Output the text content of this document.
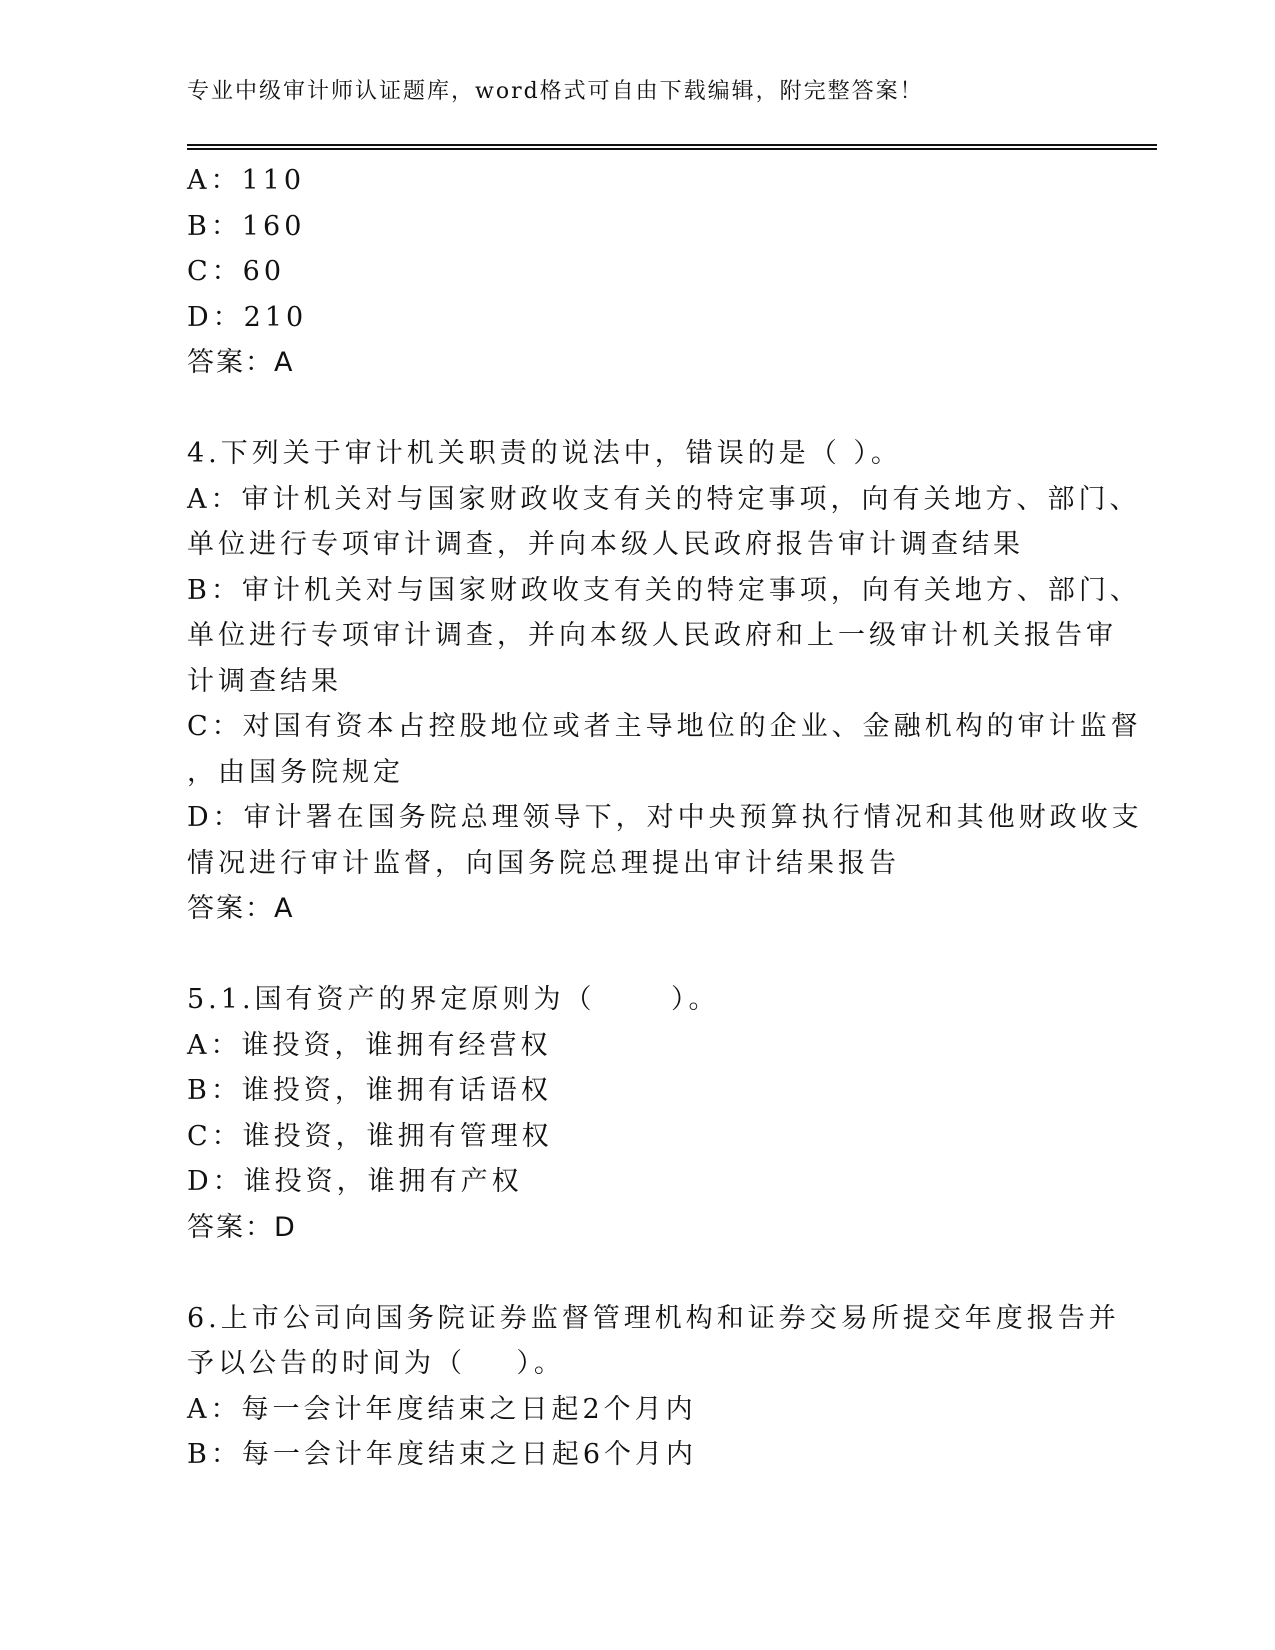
专业中级审计师认证题库，word格式可自由下载编辑，附完整答案！
A：110
B：160
C：60
D：210
答案：A
4.下列关于审计机关职责的说法中，错误的是（ ）。
A：审计机关对与国家财政收支有关的特定事项，向有关地方、部门、
单位进行专项审计调查，并向本级人民政府报告审计调查结果
B：审计机关对与国家财政收支有关的特定事项，向有关地方、部门、
单位进行专项审计调查，并向本级人民政府和上一级审计机关报告审
计调查结果
C：对国有资本占控股地位或者主导地位的企业、金融机构的审计监督
，由国务院规定
D：审计署在国务院总理领导下，对中央预算执行情况和其他财政收支
情况进行审计监督，向国务院总理提出审计结果报告
答案：A
5.1.国有资产的界定原则为（      ）。
A：谁投资，谁拥有经营权
B：谁投资，谁拥有话语权
C：谁投资，谁拥有管理权
D：谁投资，谁拥有产权
答案：D
6.上市公司向国务院证券监督管理机构和证券交易所提交年度报告并
予以公告的时间为（    ）。
A：每一会计年度结束之日起2个月内
B：每一会计年度结束之日起6个月内
